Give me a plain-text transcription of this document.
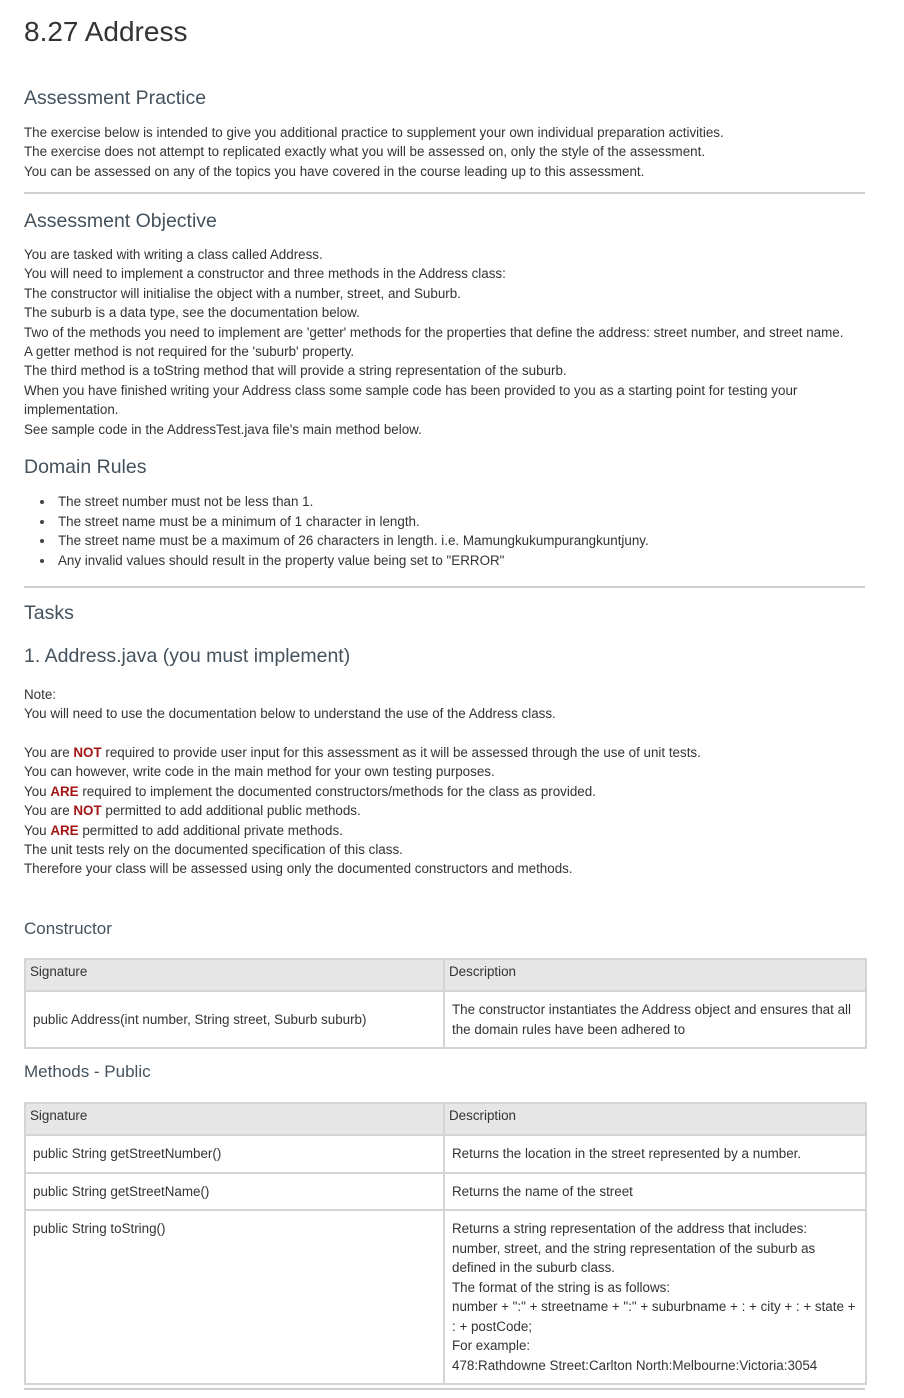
8.27 Address
Assessment Practice
The exercise below is intended to give you additional practice to supplement your own individual preparation activities.
The exercise does not attempt to replicated exactly what you will be assessed on, only the style of the assessment.
You can be assessed on any of the topics you have covered in the course leading up to this assessment.
Assessment Objective
You are tasked with writing a class called Address.
You will need to implement a constructor and three methods in the Address class:
The constructor will initialise the object with a number, street, and Suburb.
The suburb is a data type, see the documentation below.
Two of the methods you need to implement are 'getter' methods for the properties that define the address: street number, and street name.
A getter method is not required for the 'suburb' property.
The third method is a toString method that will provide a string representation of the suburb.
When you have finished writing your Address class some sample code has been provided to you as a starting point for testing your
implementation.
See sample code in the AddressTest.java file's main method below.
Domain Rules
The street number must not be less than 1.
The street name must be a minimum of 1 character in length.
The street name must be a maximum of 26 characters in length. i.e. Mamungkukumpurangkuntjuny.
Any invalid values should result in the property value being set to "ERROR"
Tasks
1. Address.java (you must implement)
Note:
You will need to use the documentation below to understand the use of the Address class.
You are NOT required to provide user input for this assessment as it will be assessed through the use of unit tests.
You can however, write code in the main method for your own testing purposes.
You ARE required to implement the documented constructors/methods for the class as provided.
You are NOT permitted to add additional public methods.
You ARE permitted to add additional private methods.
The unit tests rely on the documented specification of this class.
Therefore your class will be assessed using only the documented constructors and methods.
Constructor
Signature	Description
public Address(int number, String street, Suburb suburb)	The constructor instantiates the Address object and ensures that all the domain rules have been adhered to
Methods - Public
Signature	Description
public String getStreetNumber()	Returns the location in the street represented by a number.

public String getStreetName()	Returns the name of the street

public String toString()	Returns a string representation of the address that includes: number, street, and the string representation of the suburb as defined in the suburb class.
The format of the string is as follows:
number + ":" + streetname + ":" + suburbname + : + city + : + state + : + postCode;
For example:
478:Rathdowne Street:Carlton North:Melbourne:Victoria:3054
